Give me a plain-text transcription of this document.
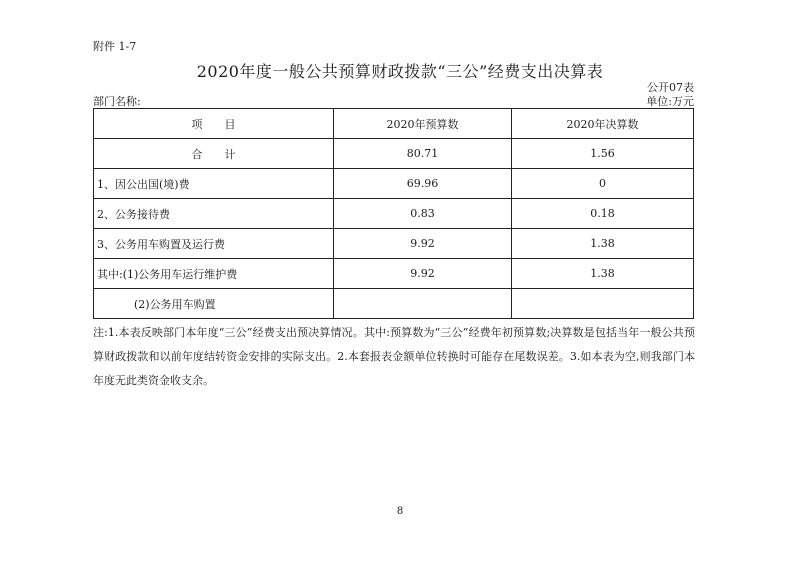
附件 1-7
2020年度一般公共预算财政拨款“三公”经费支出决算表
公开07表
部门名称:	单位:万元
项　　目	2020年预算数	2020年决算数
合　　计	80.71	1.56
1、因公出国(境)费	69.96	0
2、公务接待费	0.83	0.18
3、公务用车购置及运行费	9.92	1.38
其中:(1)公务用车运行维护费	9.92	1.38
(2)公务用车购置		
注:1.本表反映部门本年度“三公”经费支出预决算情况。其中:预算数为“三公”经费年初预算数;决算数是包括当年一般公共预算财政拨款和以前年度结转资金安排的实际支出。2.本套报表金额单位转换时可能存在尾数误差。3.如本表为空,则我部门本年度无此类资金收支余。
8
